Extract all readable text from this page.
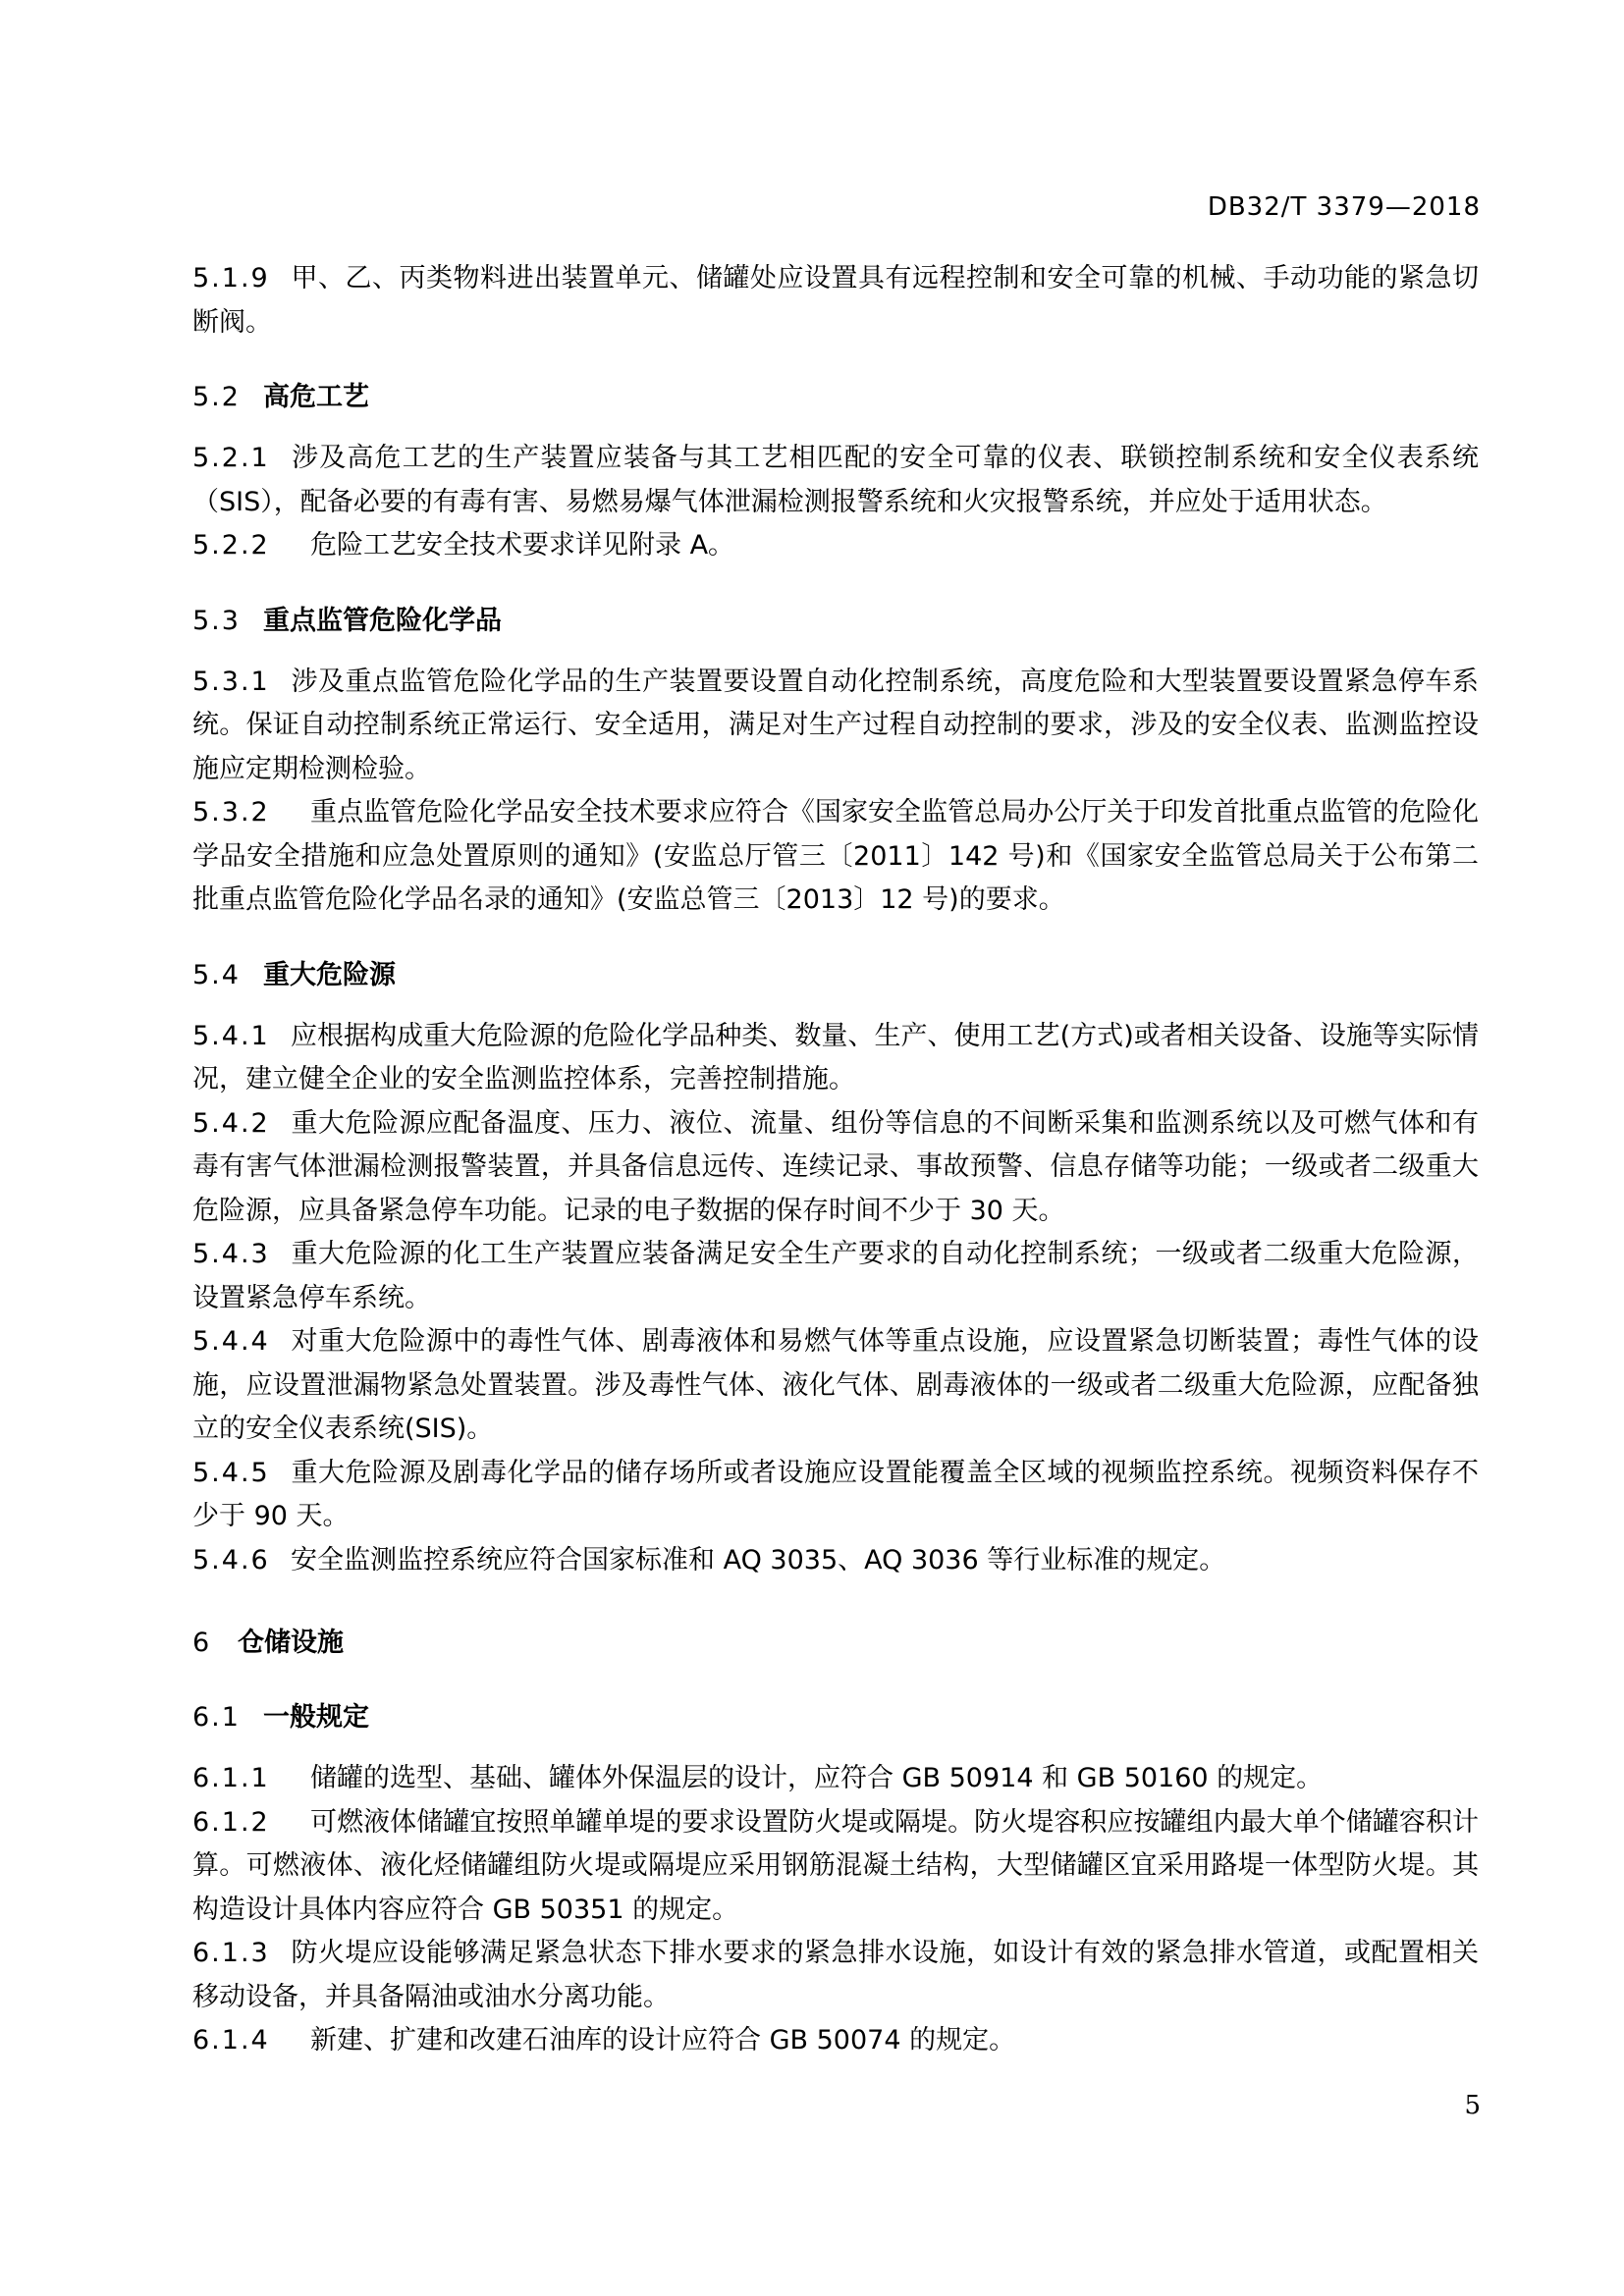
DB32/T 3379—2018

5.1.9 甲、乙、丙类物料进出装置单元、储罐处应设置具有远程控制和安全可靠的机械、手动功能的紧急切断阀。

5.2 高危工艺

5.2.1 涉及高危工艺的生产装置应装备与其工艺相匹配的安全可靠的仪表、联锁控制系统和安全仪表系统（SIS），配备必要的有毒有害、易燃易爆气体泄漏检测报警系统和火灾报警系统，并应处于适用状态。

5.2.2 危险工艺安全技术要求详见附录 A。

5.3 重点监管危险化学品

5.3.1 涉及重点监管危险化学品的生产装置要设置自动化控制系统，高度危险和大型装置要设置紧急停车系统。保证自动控制系统正常运行、安全适用，满足对生产过程自动控制的要求，涉及的安全仪表、监测监控设施应定期检测检验。

5.3.2 重点监管危险化学品安全技术要求应符合《国家安全监管总局办公厅关于印发首批重点监管的危险化学品安全措施和应急处置原则的通知》(安监总厅管三〔2011〕142 号)和《国家安全监管总局关于公布第二批重点监管危险化学品名录的通知》(安监总管三〔2013〕12 号)的要求。

5.4 重大危险源

5.4.1 应根据构成重大危险源的危险化学品种类、数量、生产、使用工艺(方式)或者相关设备、设施等实际情况，建立健全企业的安全监测监控体系，完善控制措施。

5.4.2 重大危险源应配备温度、压力、液位、流量、组份等信息的不间断采集和监测系统以及可燃气体和有毒有害气体泄漏检测报警装置，并具备信息远传、连续记录、事故预警、信息存储等功能；一级或者二级重大危险源，应具备紧急停车功能。记录的电子数据的保存时间不少于 30 天。

5.4.3 重大危险源的化工生产装置应装备满足安全生产要求的自动化控制系统；一级或者二级重大危险源，设置紧急停车系统。

5.4.4 对重大危险源中的毒性气体、剧毒液体和易燃气体等重点设施，应设置紧急切断装置；毒性气体的设施，应设置泄漏物紧急处置装置。涉及毒性气体、液化气体、剧毒液体的一级或者二级重大危险源，应配备独立的安全仪表系统(SIS)。

5.4.5 重大危险源及剧毒化学品的储存场所或者设施应设置能覆盖全区域的视频监控系统。视频资料保存不少于 90 天。

5.4.6 安全监测监控系统应符合国家标准和 AQ 3035、AQ 3036 等行业标准的规定。

6 仓储设施

6.1 一般规定

6.1.1 储罐的选型、基础、罐体外保温层的设计，应符合 GB 50914 和 GB 50160 的规定。

6.1.2 可燃液体储罐宜按照单罐单堤的要求设置防火堤或隔堤。防火堤容积应按罐组内最大单个储罐容积计算。可燃液体、液化烃储罐组防火堤或隔堤应采用钢筋混凝土结构，大型储罐区宜采用路堤一体型防火堤。其构造设计具体内容应符合 GB 50351 的规定。

6.1.3 防火堤应设能够满足紧急状态下排水要求的紧急排水设施，如设计有效的紧急排水管道，或配置相关移动设备，并具备隔油或油水分离功能。

6.1.4 新建、扩建和改建石油库的设计应符合 GB 50074 的规定。

5
